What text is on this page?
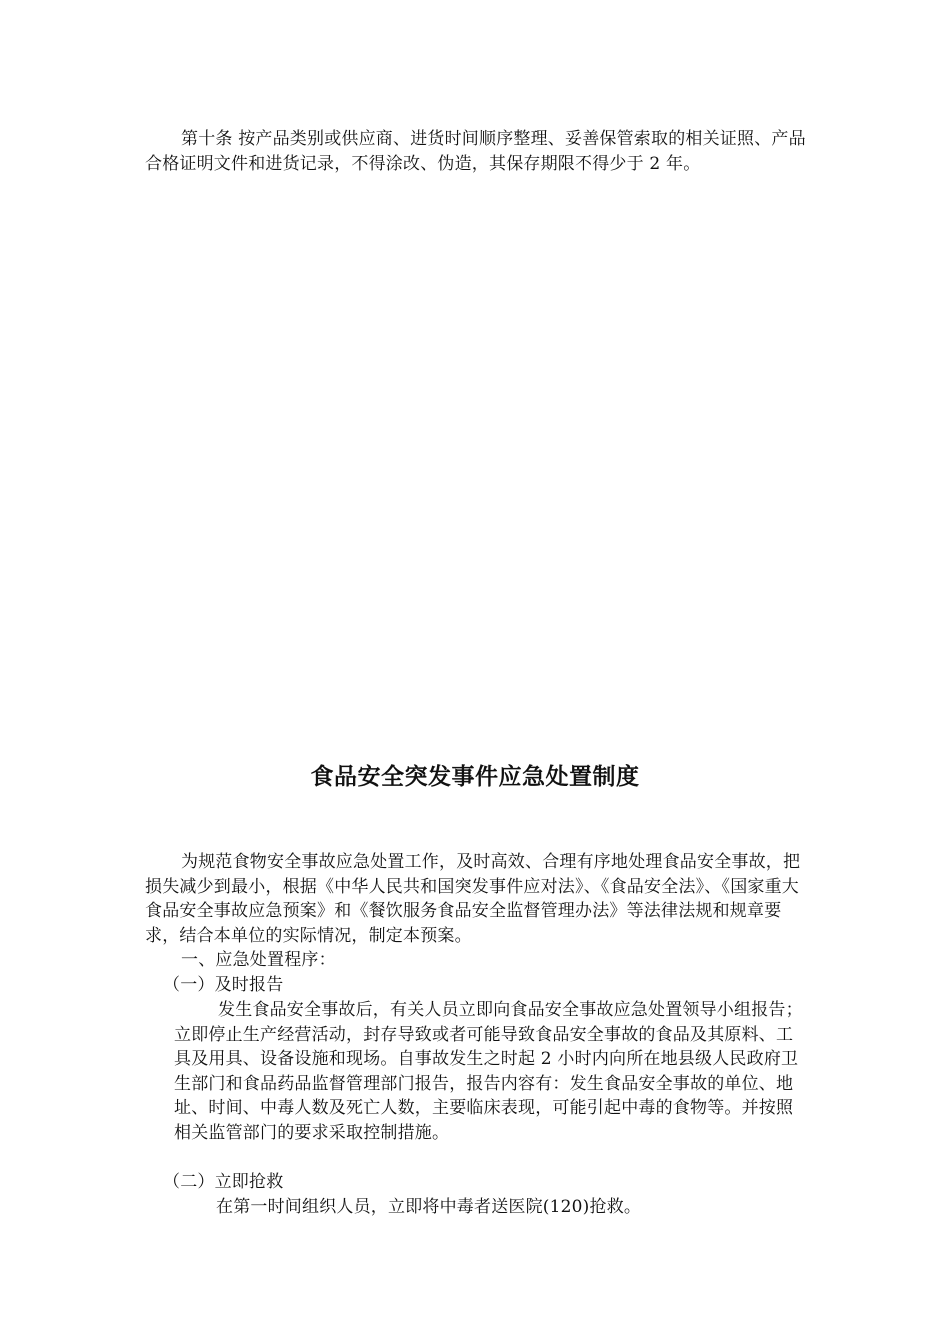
第十条 按产品类别或供应商、进货时间顺序整理、妥善保管索取的相关证照、产品合格证明文件和进货记录，不得涂改、伪造，其保存期限不得少于 2 年。

食品安全突发事件应急处置制度

为规范食物安全事故应急处置工作，及时高效、合理有序地处理食品安全事故，把损失减少到最小，根据《中华人民共和国突发事件应对法》、《食品安全法》、《国家重大食品安全事故应急预案》和《餐饮服务食品安全监督管理办法》等法律法规和规章要求，结合本单位的实际情况，制定本预案。

一、应急处置程序：

（一）及时报告

发生食品安全事故后，有关人员立即向食品安全事故应急处置领导小组报告；立即停止生产经营活动，封存导致或者可能导致食品安全事故的食品及其原料、工具及用具、设备设施和现场。自事故发生之时起 2 小时内向所在地县级人民政府卫生部门和食品药品监督管理部门报告，报告内容有：发生食品安全事故的单位、地址、时间、中毒人数及死亡人数，主要临床表现，可能引起中毒的食物等。并按照相关监管部门的要求采取控制措施。

（二）立即抢救

在第一时间组织人员，立即将中毒者送医院(120)抢救。
